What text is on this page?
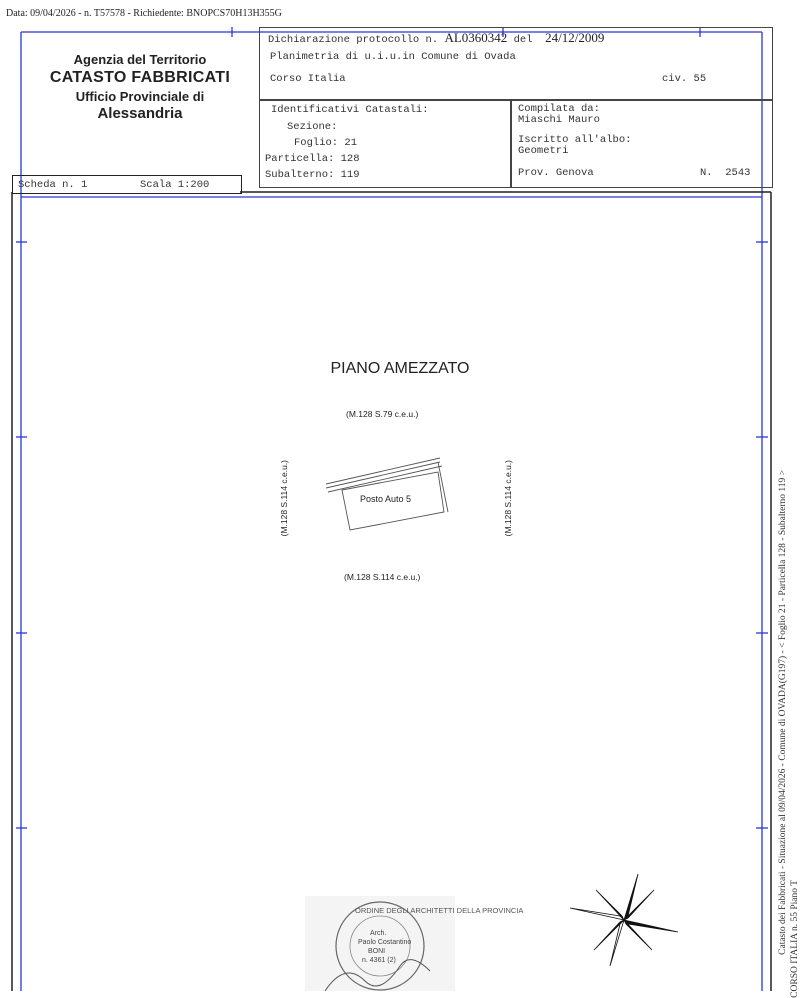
Data: 09/04/2026 - n. T57578 - Richiedente: BNOPCS70H13H355G
Agenzia del Territorio
CATASTO FABBRICATI
Ufficio Provinciale di
Alessandria
Dichiarazione protocollo n. AL0360342 del 24/12/2009
Planimetria di u.i.u.in Comune di Ovada
Corso Italia	civ. 55
Identificativi Catastali:
Sezione:
Foglio: 21
Particella: 128
Subalterno: 119
Compilata da:
Miaschi Mauro
Iscritto all'albo:
Geometri
Prov. Genova	N. 2543
Scheda n. 1	Scala 1:200
PIANO AMEZZATO
(M.128 S.79 c.e.u.)
(M.128 S.114 c.e.u.)
(M.128 S.114 c.e.u.)	(M.128 S.114 c.e.u.)
Posto Auto 5
ORDINE DEGLI ARCHITETTI DELLA PROVINCIA
Arch.
Paolo Costantino
BONI
n. 4361 (2)
Catasto dei Fabbricati - Situazione al 09/04/2026 - Comune di OVADA(G197) - < Foglio 21 - Particella 128 - Subalterno 119 > CORSO ITALIA n. 55 Piano T
